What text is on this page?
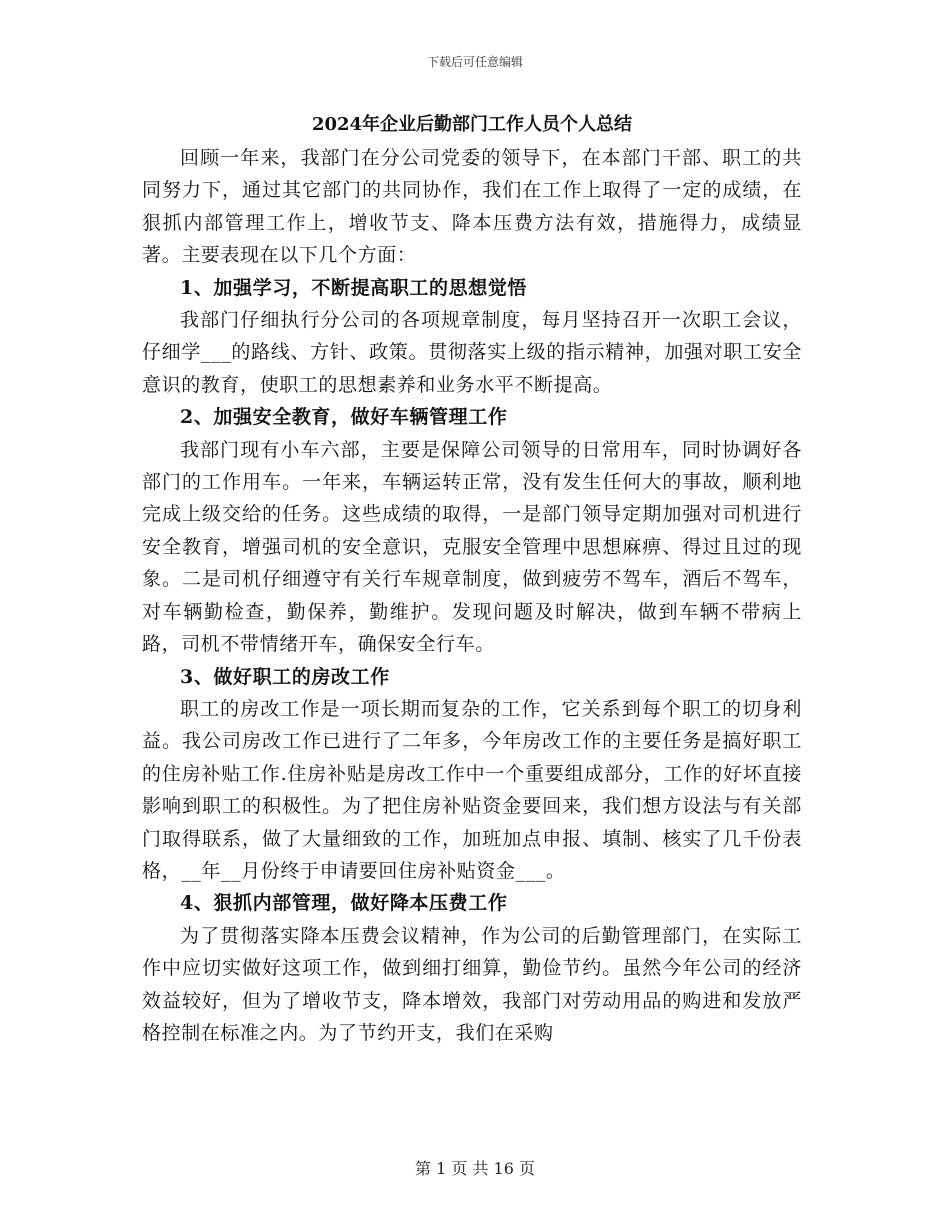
下载后可任意编辑
2024年企业后勤部门工作人员个人总结

回顾一年来，我部门在分公司党委的领导下，在本部门干部、职工的共同努力下，通过其它部门的共同协作，我们在工作上取得了一定的成绩，在狠抓内部管理工作上，增收节支、降本压费方法有效，措施得力，成绩显著。主要表现在以下几个方面：

1、加强学习，不断提高职工的思想觉悟

我部门仔细执行分公司的各项规章制度，每月坚持召开一次职工会议，仔细学___的路线、方针、政策。贯彻落实上级的指示精神，加强对职工安全意识的教育，使职工的思想素养和业务水平不断提高。

2、加强安全教育，做好车辆管理工作

我部门现有小车六部，主要是保障公司领导的日常用车，同时协调好各部门的工作用车。一年来，车辆运转正常，没有发生任何大的事故，顺利地完成上级交给的任务。这些成绩的取得，一是部门领导定期加强对司机进行安全教育，增强司机的安全意识，克服安全管理中思想麻痹、得过且过的现象。二是司机仔细遵守有关行车规章制度，做到疲劳不驾车，酒后不驾车，对车辆勤检查，勤保养，勤维护。发现问题及时解决，做到车辆不带病上路，司机不带情绪开车，确保安全行车。

3、做好职工的房改工作

职工的房改工作是一项长期而复杂的工作，它关系到每个职工的切身利益。我公司房改工作已进行了二年多，今年房改工作的主要任务是搞好职工的住房补贴工作.住房补贴是房改工作中一个重要组成部分，工作的好坏直接影响到职工的积极性。为了把住房补贴资金要回来，我们想方设法与有关部门取得联系，做了大量细致的工作，加班加点申报、填制、核实了几千份表格，__年__月份终于申请要回住房补贴资金___。

4、狠抓内部管理，做好降本压费工作

为了贯彻落实降本压费会议精神，作为公司的后勤管理部门，在实际工作中应切实做好这项工作，做到细打细算，勤俭节约。虽然今年公司的经济效益较好，但为了增收节支，降本增效，我部门对劳动用品的购进和发放严格控制在标准之内。为了节约开支，我们在采购

第 1 页 共 16 页
